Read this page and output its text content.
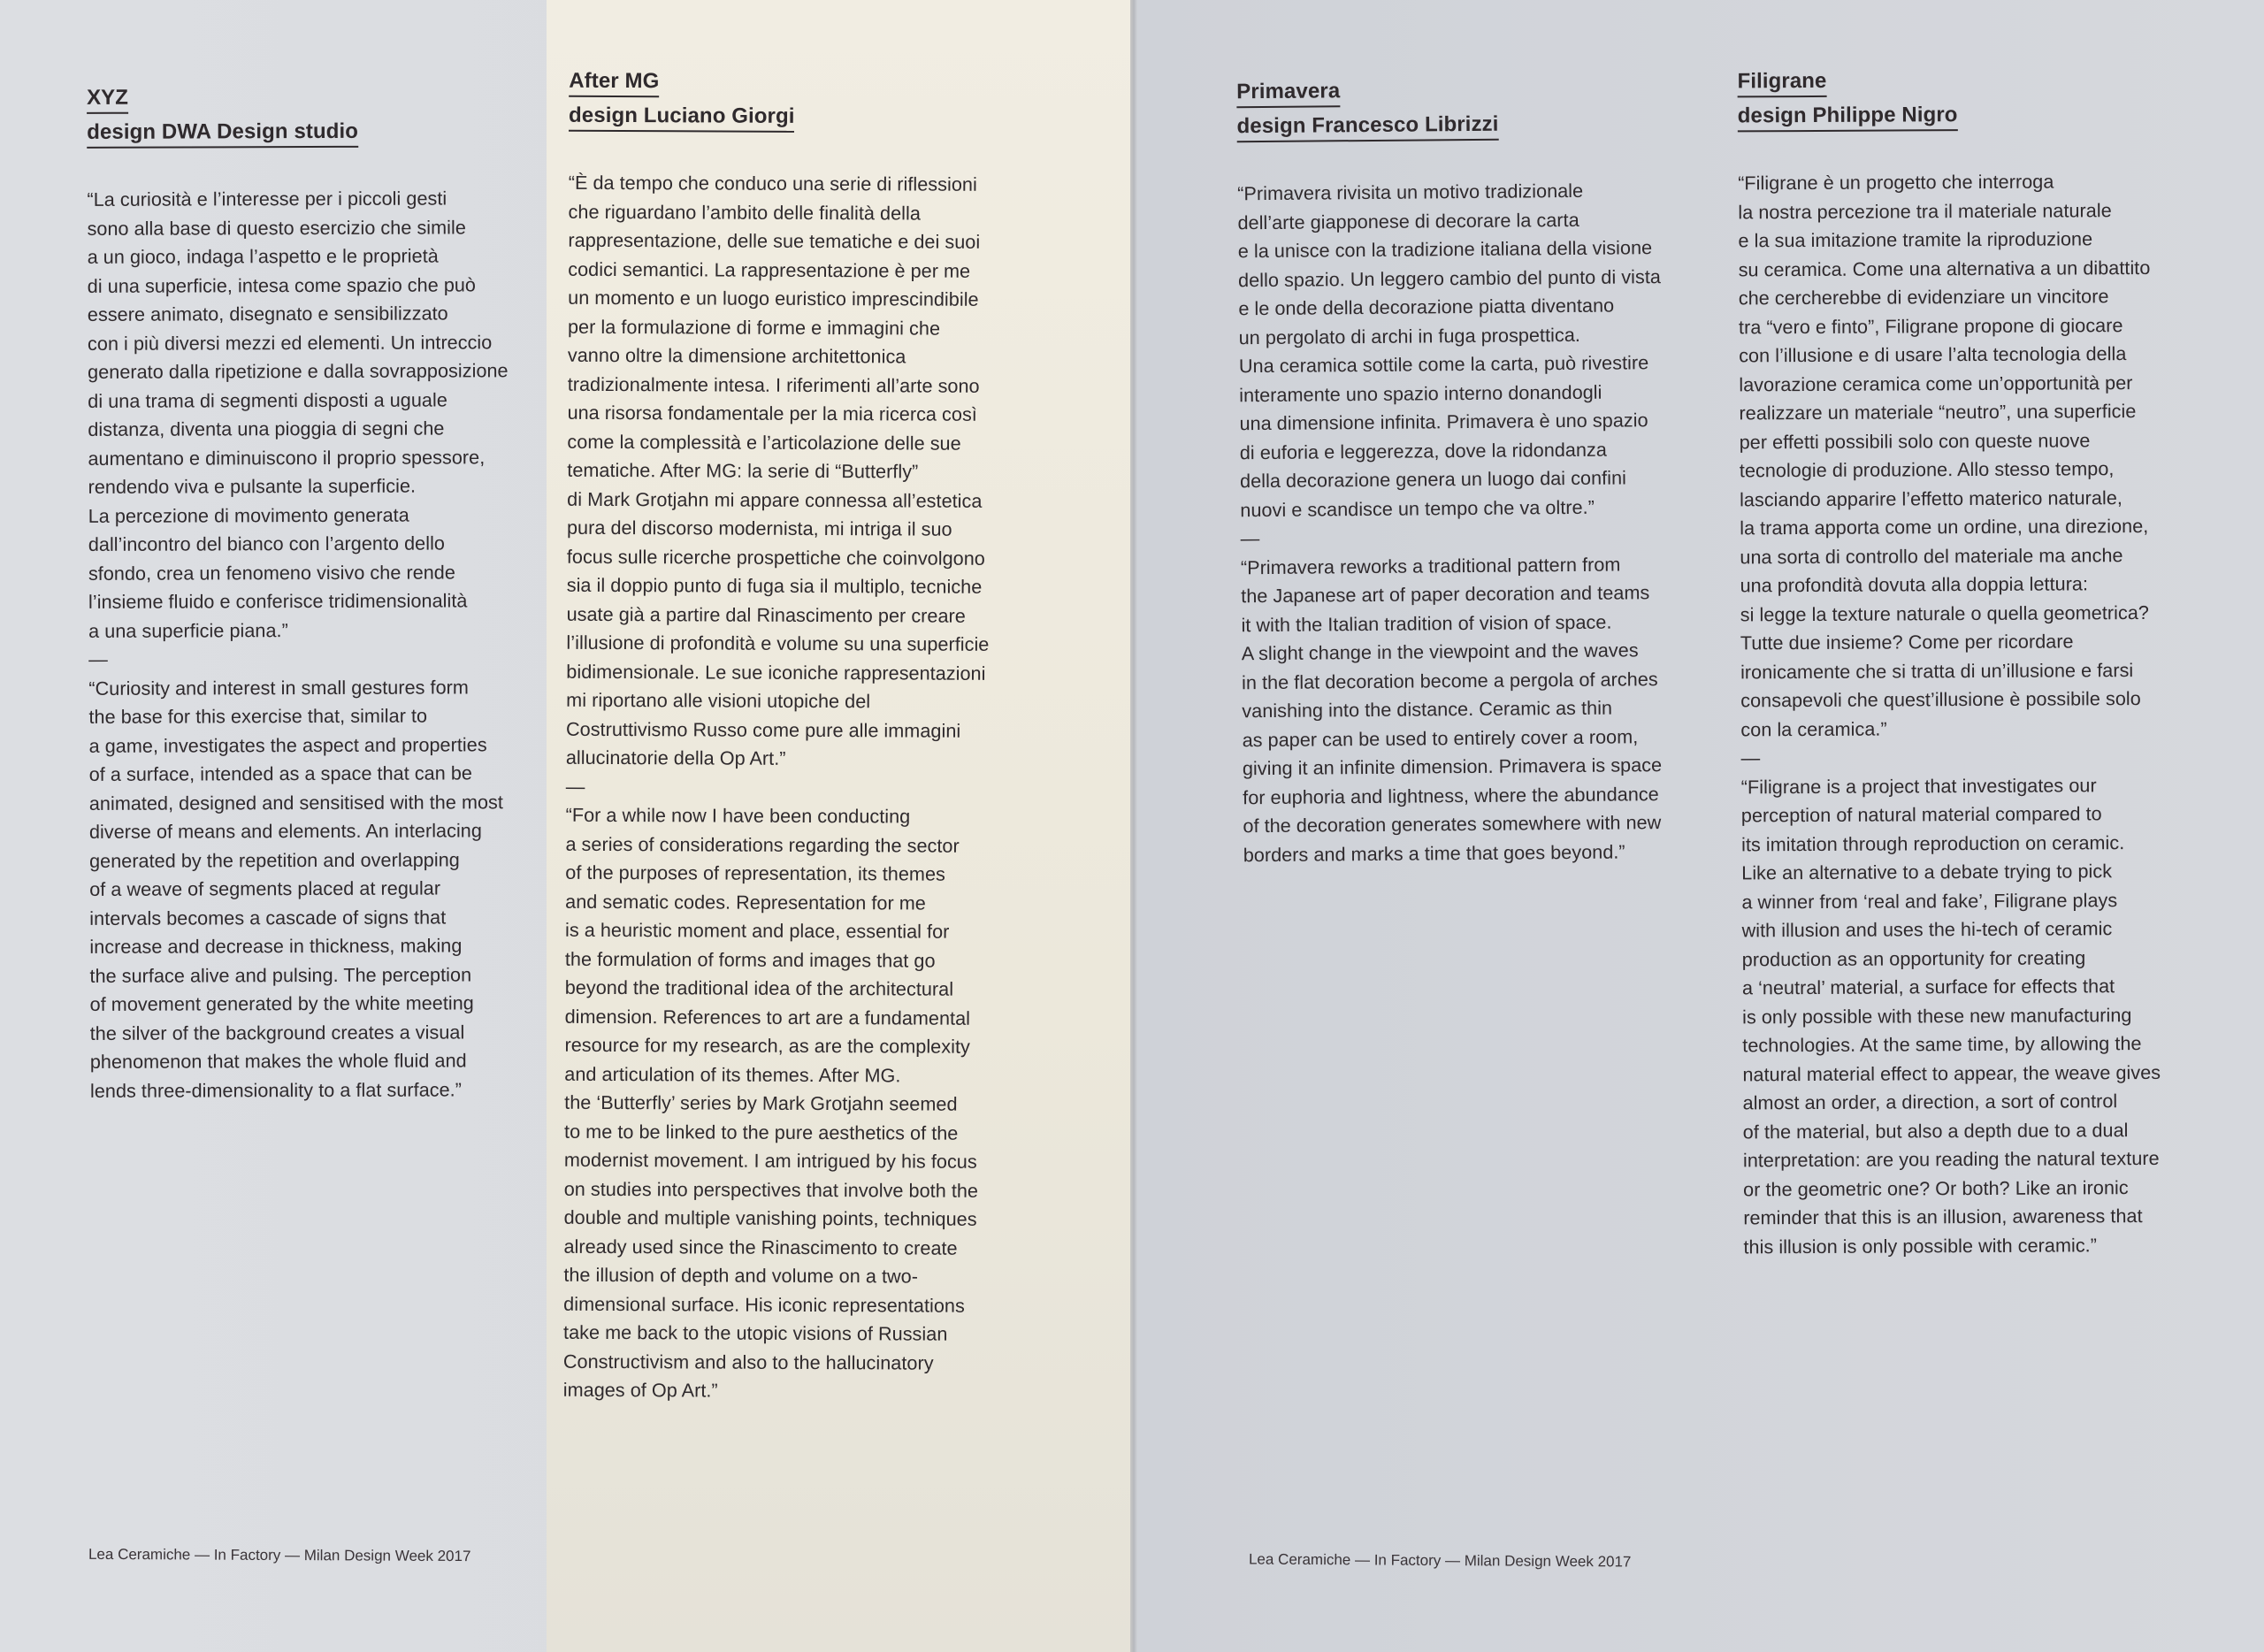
XYZ
design DWA Design studio

“La curiosità e l’interesse per i piccoli gesti
sono alla base di questo esercizio che simile
a un gioco, indaga l’aspetto e le proprietà
di una superficie, intesa come spazio che può
essere animato, disegnato e sensibilizzato
con i più diversi mezzi ed elementi. Un intreccio
generato dalla ripetizione e dalla sovrapposizione
di una trama di segmenti disposti a uguale
distanza, diventa una pioggia di segni che
aumentano e diminuiscono il proprio spessore,
rendendo viva e pulsante la superficie.
La percezione di movimento generata
dall’incontro del bianco con l’argento dello
sfondo, crea un fenomeno visivo che rende
l’insieme fluido e conferisce tridimensionalità
a una superficie piana.”

—

“Curiosity and interest in small gestures form
the base for this exercise that, similar to
a game, investigates the aspect and properties
of a surface, intended as a space that can be
animated, designed and sensitised with the most
diverse of means and elements. An interlacing
generated by the repetition and overlapping
of a weave of segments placed at regular
intervals becomes a cascade of signs that
increase and decrease in thickness, making
the surface alive and pulsing. The perception
of movement generated by the white meeting
the silver of the background creates a visual
phenomenon that makes the whole fluid and
lends three-dimensionality to a flat surface.”

After MG
design Luciano Giorgi

“È da tempo che conduco una serie di riflessioni
che riguardano l’ambito delle finalità della
rappresentazione, delle sue tematiche e dei suoi
codici semantici. La rappresentazione è per me
un momento e un luogo euristico imprescindibile
per la formulazione di forme e immagini che
vanno oltre la dimensione architettonica
tradizionalmente intesa. I riferimenti all’arte sono
una risorsa fondamentale per la mia ricerca così
come la complessità e l’articolazione delle sue
tematiche. After MG: la serie di “Butterfly”
di Mark Grotjahn mi appare connessa all’estetica
pura del discorso modernista, mi intriga il suo
focus sulle ricerche prospettiche che coinvolgono
sia il doppio punto di fuga sia il multiplo, tecniche
usate già a partire dal Rinascimento per creare
l’illusione di profondità e volume su una superficie
bidimensionale. Le sue iconiche rappresentazioni
mi riportano alle visioni utopiche del
Costruttivismo Russo come pure alle immagini
allucinatorie della Op Art.”

—

“For a while now I have been conducting
a series of considerations regarding the sector
of the purposes of representation, its themes
and sematic codes. Representation for me
is a heuristic moment and place, essential for
the formulation of forms and images that go
beyond the traditional idea of the architectural
dimension. References to art are a fundamental
resource for my research, as are the complexity
and articulation of its themes. After MG.
the ‘Butterfly’ series by Mark Grotjahn seemed
to me to be linked to the pure aesthetics of the
modernist movement. I am intrigued by his focus
on studies into perspectives that involve both the
double and multiple vanishing points, techniques
already used since the Rinascimento to create
the illusion of depth and volume on a two-
dimensional surface. His iconic representations
take me back to the utopic visions of Russian
Constructivism and also to the hallucinatory
images of Op Art.”

Primavera
design Francesco Librizzi

“Primavera rivisita un motivo tradizionale
dell’arte giapponese di decorare la carta
e la unisce con la tradizione italiana della visione
dello spazio. Un leggero cambio del punto di vista
e le onde della decorazione piatta diventano
un pergolato di archi in fuga prospettica.
Una ceramica sottile come la carta, può rivestire
interamente uno spazio interno donandogli
una dimensione infinita. Primavera è uno spazio
di euforia e leggerezza, dove la ridondanza
della decorazione genera un luogo dai confini
nuovi e scandisce un tempo che va oltre.”

—

“Primavera reworks a traditional pattern from
the Japanese art of paper decoration and teams
it with the Italian tradition of vision of space.
A slight change in the viewpoint and the waves
in the flat decoration become a pergola of arches
vanishing into the distance. Ceramic as thin
as paper can be used to entirely cover a room,
giving it an infinite dimension. Primavera is space
for euphoria and lightness, where the abundance
of the decoration generates somewhere with new
borders and marks a time that goes beyond.”

Filigrane
design Philippe Nigro

“Filigrane è un progetto che interroga
la nostra percezione tra il materiale naturale
e la sua imitazione tramite la riproduzione
su ceramica. Come una alternativa a un dibattito
che cercherebbe di evidenziare un vincitore
tra “vero e finto”, Filigrane propone di giocare
con l’illusione e di usare l’alta tecnologia della
lavorazione ceramica come un’opportunità per
realizzare un materiale “neutro”, una superficie
per effetti possibili solo con queste nuove
tecnologie di produzione. Allo stesso tempo,
lasciando apparire l’effetto materico naturale,
la trama apporta come un ordine, una direzione,
una sorta di controllo del materiale ma anche
una profondità dovuta alla doppia lettura:
si legge la texture naturale o quella geometrica?
Tutte due insieme? Come per ricordare
ironicamente che si tratta di un’illusione e farsi
consapevoli che quest’illusione è possibile solo
con la ceramica.”

—

“Filigrane is a project that investigates our
perception of natural material compared to
its imitation through reproduction on ceramic.
Like an alternative to a debate trying to pick
a winner from ‘real and fake’, Filigrane plays
with illusion and uses the hi-tech of ceramic
production as an opportunity for creating
a ‘neutral’ material, a surface for effects that
is only possible with these new manufacturing
technologies. At the same time, by allowing the
natural material effect to appear, the weave gives
almost an order, a direction, a sort of control
of the material, but also a depth due to a dual
interpretation: are you reading the natural texture
or the geometric one? Or both? Like an ironic
reminder that this is an illusion, awareness that
this illusion is only possible with ceramic.”

Lea Ceramiche — In Factory — Milan Design Week 2017	Lea Ceramiche — In Factory — Milan Design Week 2017
